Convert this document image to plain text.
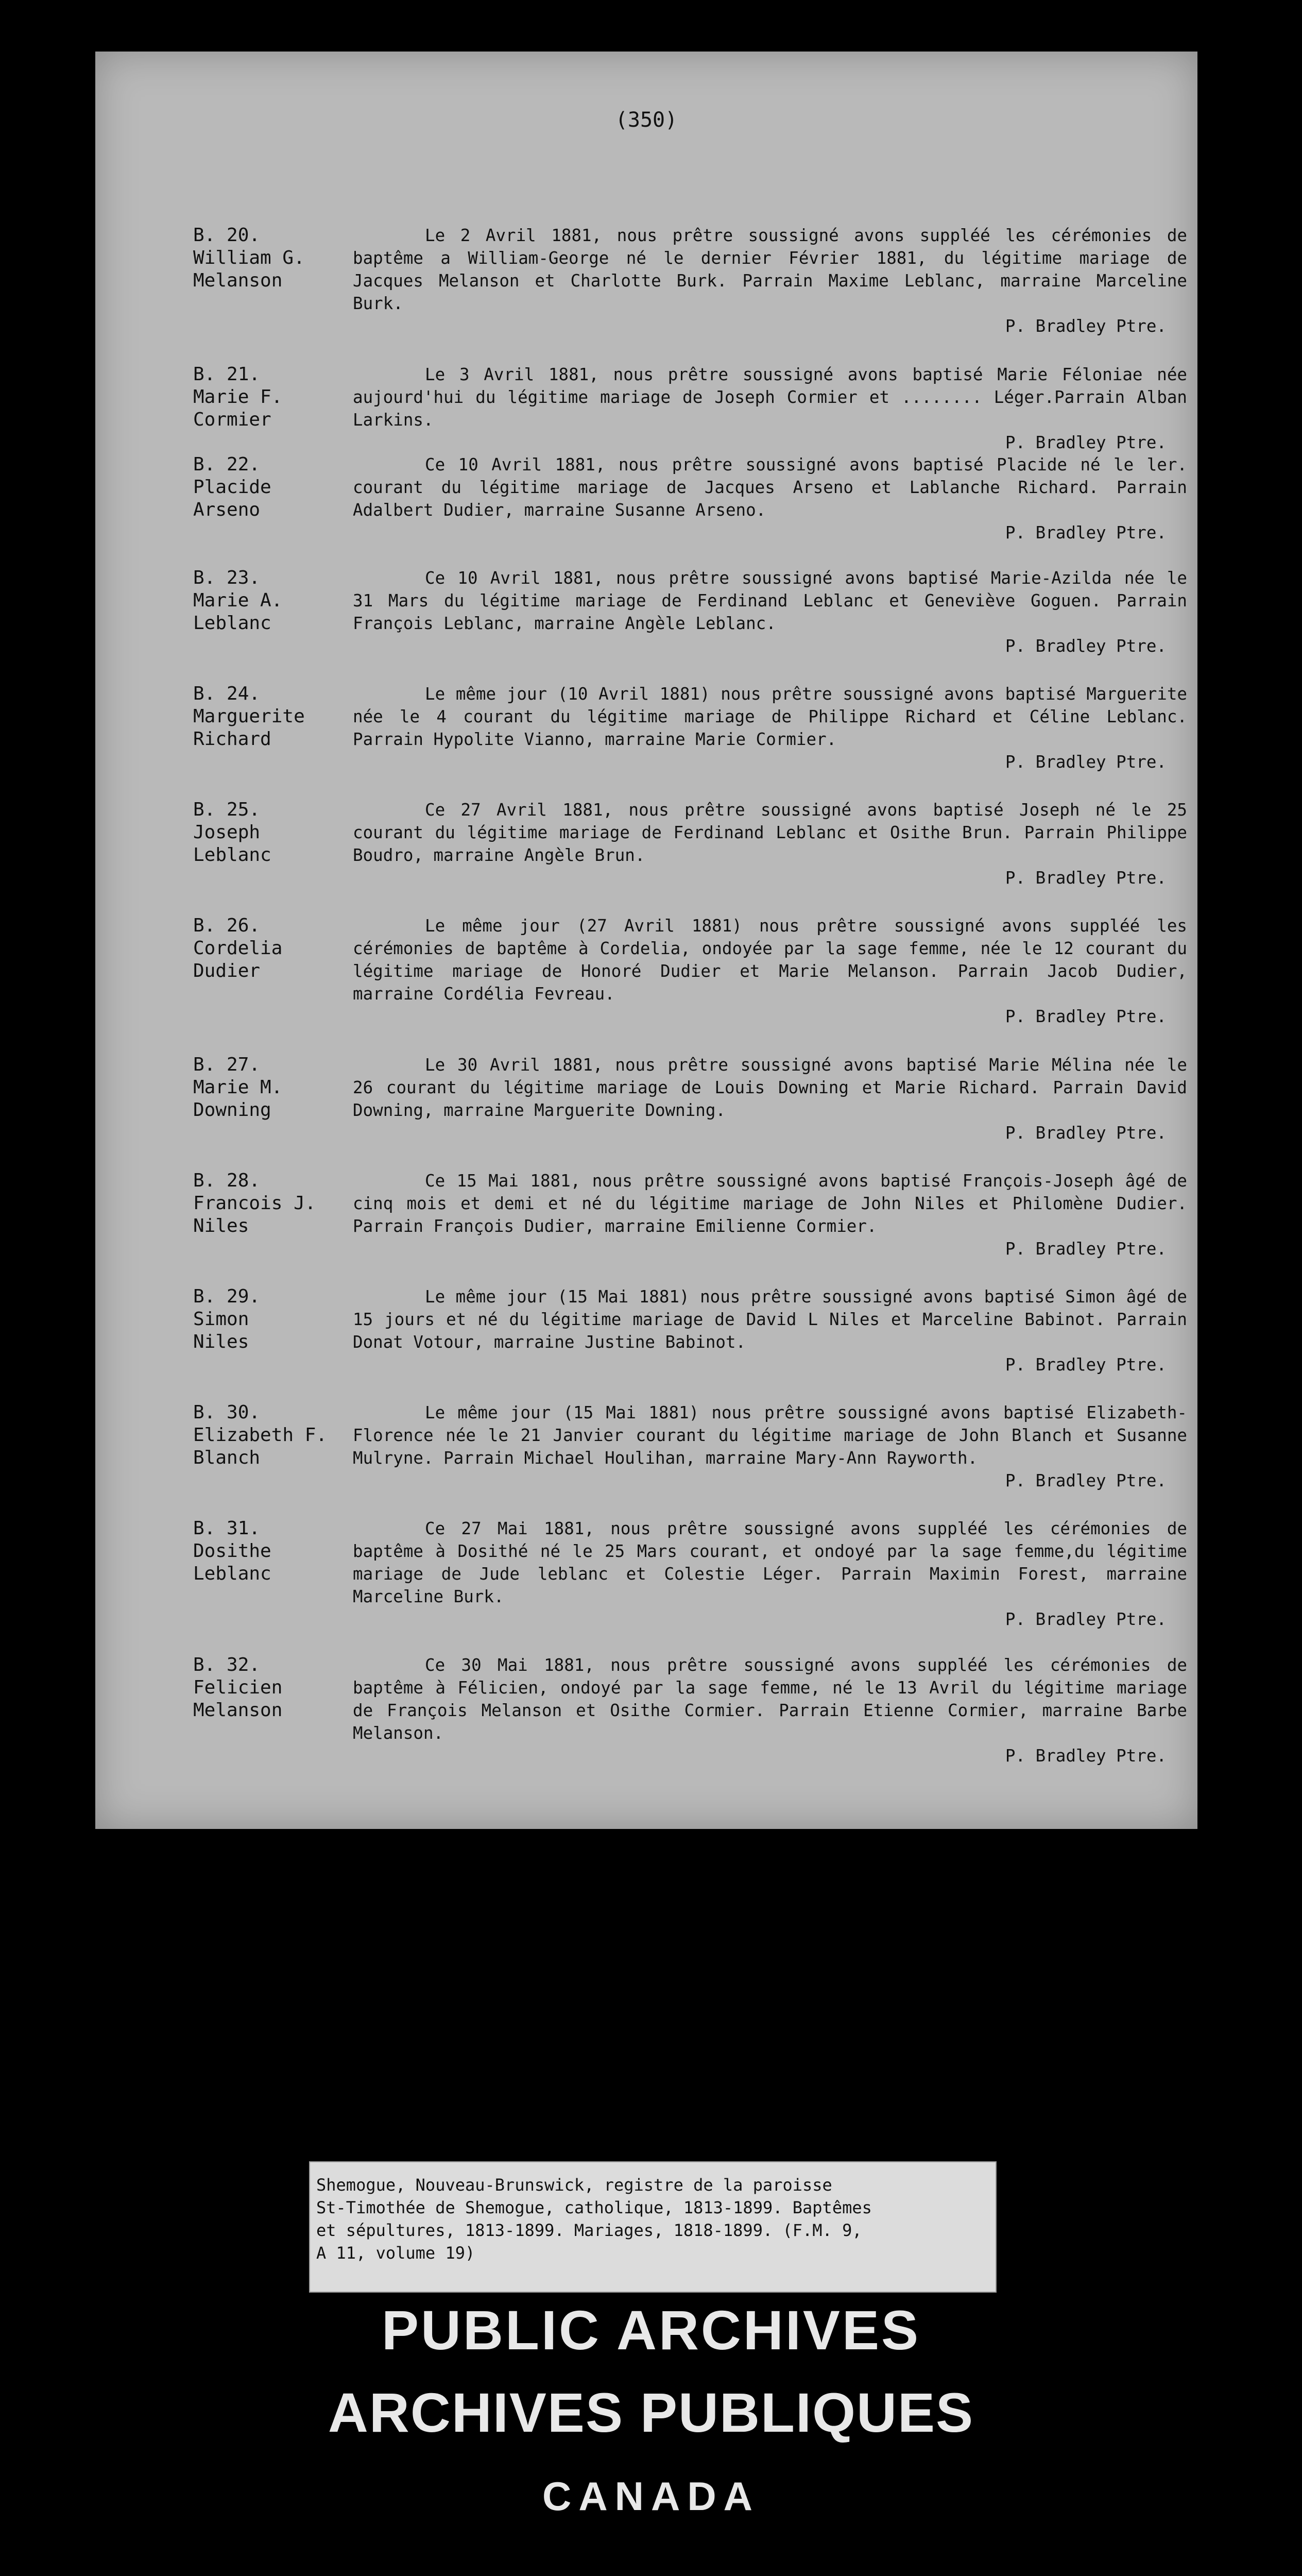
(350)
B. 20.
William G.
Melanson
Le 2 Avril 1881, nous prêtre soussigné avons suppléé les cérémonies de baptême a William-George né le dernier Février 1881, du légitime mariage de Jacques Melanson et Charlotte Burk. Parrain Maxime Leblanc, marraine Marceline Burk.
P. Bradley Ptre.
B. 21.
Marie F.
Cormier
Le 3 Avril 1881, nous prêtre soussigné avons baptisé Marie Féloniae née aujourd'hui du légitime mariage de Joseph Cormier et ........ Léger.Parrain Alban Larkins.
P. Bradley Ptre.
B. 22.
Placide
Arseno
Ce 10 Avril 1881, nous prêtre soussigné avons baptisé Placide né le ler. courant du légitime mariage de Jacques Arseno et Lablanche Richard. Parrain Adalbert Dudier, marraine Susanne Arseno.
P. Bradley Ptre.
B. 23.
Marie A.
Leblanc
Ce 10 Avril 1881, nous prêtre soussigné avons baptisé Marie-Azilda née le 31 Mars du légitime mariage de Ferdinand Leblanc et Geneviève Goguen. Parrain François Leblanc, marraine Angèle Leblanc.
P. Bradley Ptre.
B. 24.
Marguerite
Richard
Le même jour (10 Avril 1881) nous prêtre soussigné avons baptisé Marguerite née le 4 courant du légitime mariage de Philippe Richard et Céline Leblanc. Parrain Hypolite Vianno, marraine Marie Cormier.
P. Bradley Ptre.
B. 25.
Joseph
Leblanc
Ce 27 Avril 1881, nous prêtre soussigné avons baptisé Joseph né le 25 courant du légitime mariage de Ferdinand Leblanc et Osithe Brun. Parrain Philippe Boudro, marraine Angèle Brun.
P. Bradley Ptre.
B. 26.
Cordelia
Dudier
Le même jour (27 Avril 1881) nous prêtre soussigné avons suppléé les cérémonies de baptême à Cordelia, ondoyée par la sage femme, née le 12 courant du légitime mariage de Honoré Dudier et Marie Melanson. Parrain Jacob Dudier, marraine Cordélia Fevreau.
P. Bradley Ptre.
B. 27.
Marie M.
Downing
Le 30 Avril 1881, nous prêtre soussigné avons baptisé Marie Mélina née le 26 courant du légitime mariage de Louis Downing et Marie Richard. Parrain David Downing, marraine Marguerite Downing.
P. Bradley Ptre.
B. 28.
Francois J.
Niles
Ce 15 Mai 1881, nous prêtre soussigné avons baptisé François-Joseph âgé de cinq mois et demi et né du légitime mariage de John Niles et Philomène Dudier. Parrain François Dudier, marraine Emilienne Cormier.
P. Bradley Ptre.
B. 29.
Simon
Niles
Le même jour (15 Mai 1881) nous prêtre soussigné avons baptisé Simon âgé de 15 jours et né du légitime mariage de David L Niles et Marceline Babinot. Parrain Donat Votour, marraine Justine Babinot.
P. Bradley Ptre.
B. 30.
Elizabeth F.
Blanch
Le même jour (15 Mai 1881) nous prêtre soussigné avons baptisé Elizabeth-Florence née le 21 Janvier courant du légitime mariage de John Blanch et Susanne Mulryne. Parrain Michael Houlihan, marraine Mary-Ann Rayworth.
P. Bradley Ptre.
B. 31.
Dosithe
Leblanc
Ce 27 Mai 1881, nous prêtre soussigné avons suppléé les cérémonies de baptême à Dosithé né le 25 Mars courant, et ondoyé par la sage femme,du légitime mariage de Jude leblanc et Colestie Léger. Parrain Maximin Forest, marraine Marceline Burk.
P. Bradley Ptre.
B. 32.
Felicien
Melanson
Ce 30 Mai 1881, nous prêtre soussigné avons suppléé les cérémonies de baptême à Félicien, ondoyé par la sage femme, né le 13 Avril du légitime mariage de François Melanson et Osithe Cormier. Parrain Etienne Cormier, marraine Barbe Melanson.
P. Bradley Ptre.
Shemogue, Nouveau-Brunswick, registre de la paroisse
St-Timothée de Shemogue, catholique, 1813-1899. Baptêmes
et sépultures, 1813-1899. Mariages, 1818-1899. (F.M. 9,
A 11, volume 19)
PUBLIC ARCHIVES
ARCHIVES PUBLIQUES
CANADA
